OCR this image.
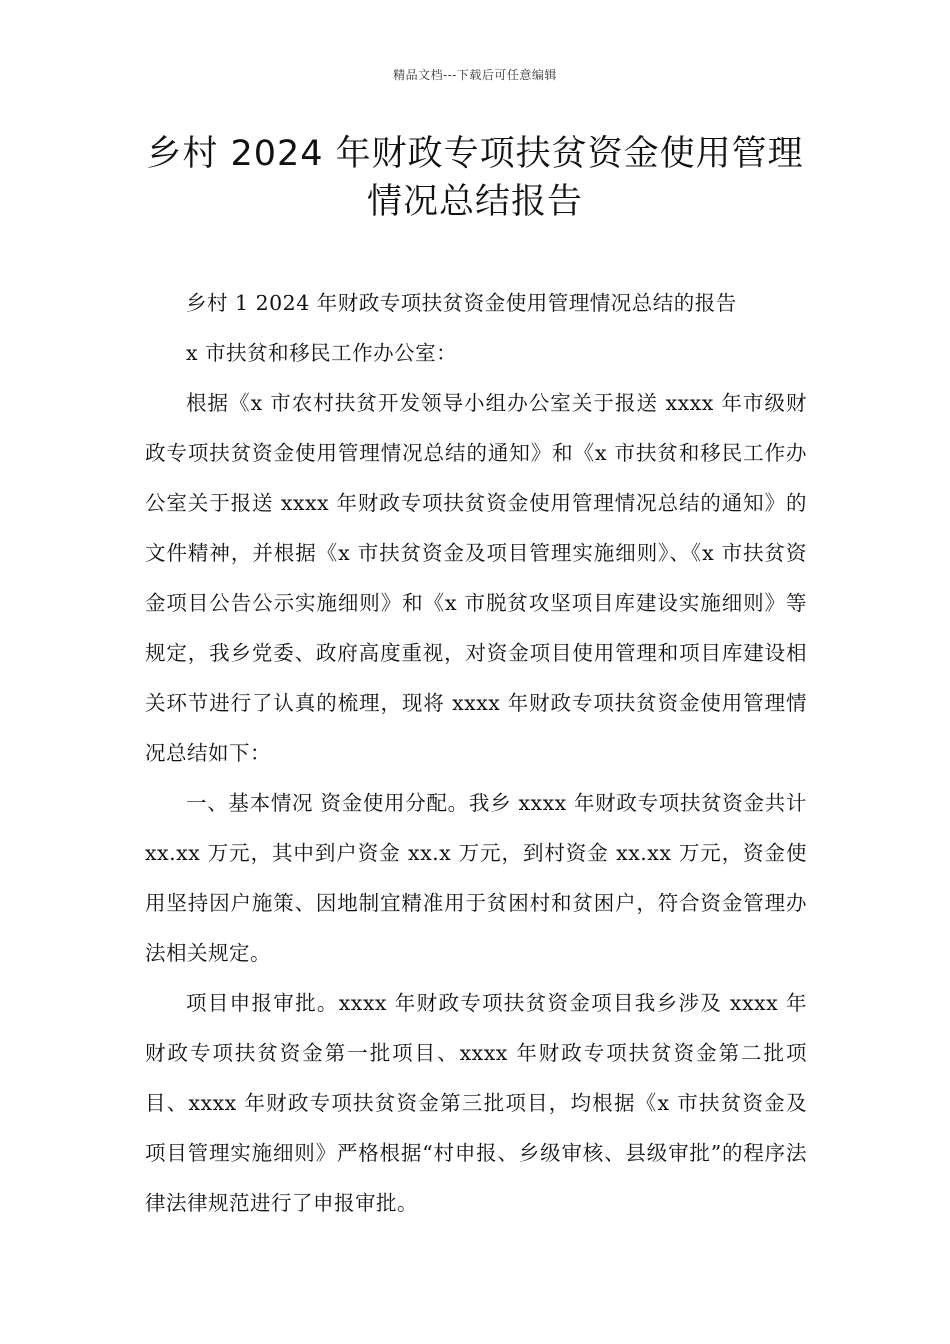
精品文档---下载后可任意编辑
乡村 2024 年财政专项扶贫资金使用管理情况总结报告

乡村 1 2024 年财政专项扶贫资金使用管理情况总结的报告

x 市扶贫和移民工作办公室：

根据《x 市农村扶贫开发领导小组办公室关于报送 xxxx 年市级财政专项扶贫资金使用管理情况总结的通知》和《x 市扶贫和移民工作办公室关于报送 xxxx 年财政专项扶贫资金使用管理情况总结的通知》的文件精神，并根据《x 市扶贫资金及项目管理实施细则》、《x 市扶贫资金项目公告公示实施细则》和《x 市脱贫攻坚项目库建设实施细则》等规定，我乡党委、政府高度重视，对资金项目使用管理和项目库建设相关环节进行了认真的梳理，现将 xxxx 年财政专项扶贫资金使用管理情况总结如下：

一、基本情况 资金使用分配。我乡 xxxx 年财政专项扶贫资金共计 xx.xx 万元，其中到户资金 xx.x 万元，到村资金 xx.xx 万元，资金使用坚持因户施策、因地制宜精准用于贫困村和贫困户，符合资金管理办法相关规定。

项目申报审批。xxxx 年财政专项扶贫资金项目我乡涉及 xxxx 年财政专项扶贫资金第一批项目、xxxx 年财政专项扶贫资金第二批项目、xxxx 年财政专项扶贫资金第三批项目，均根据《x 市扶贫资金及项目管理实施细则》严格根据“村申报、乡级审核、县级审批”的程序法律法律规范进行了申报审批。
